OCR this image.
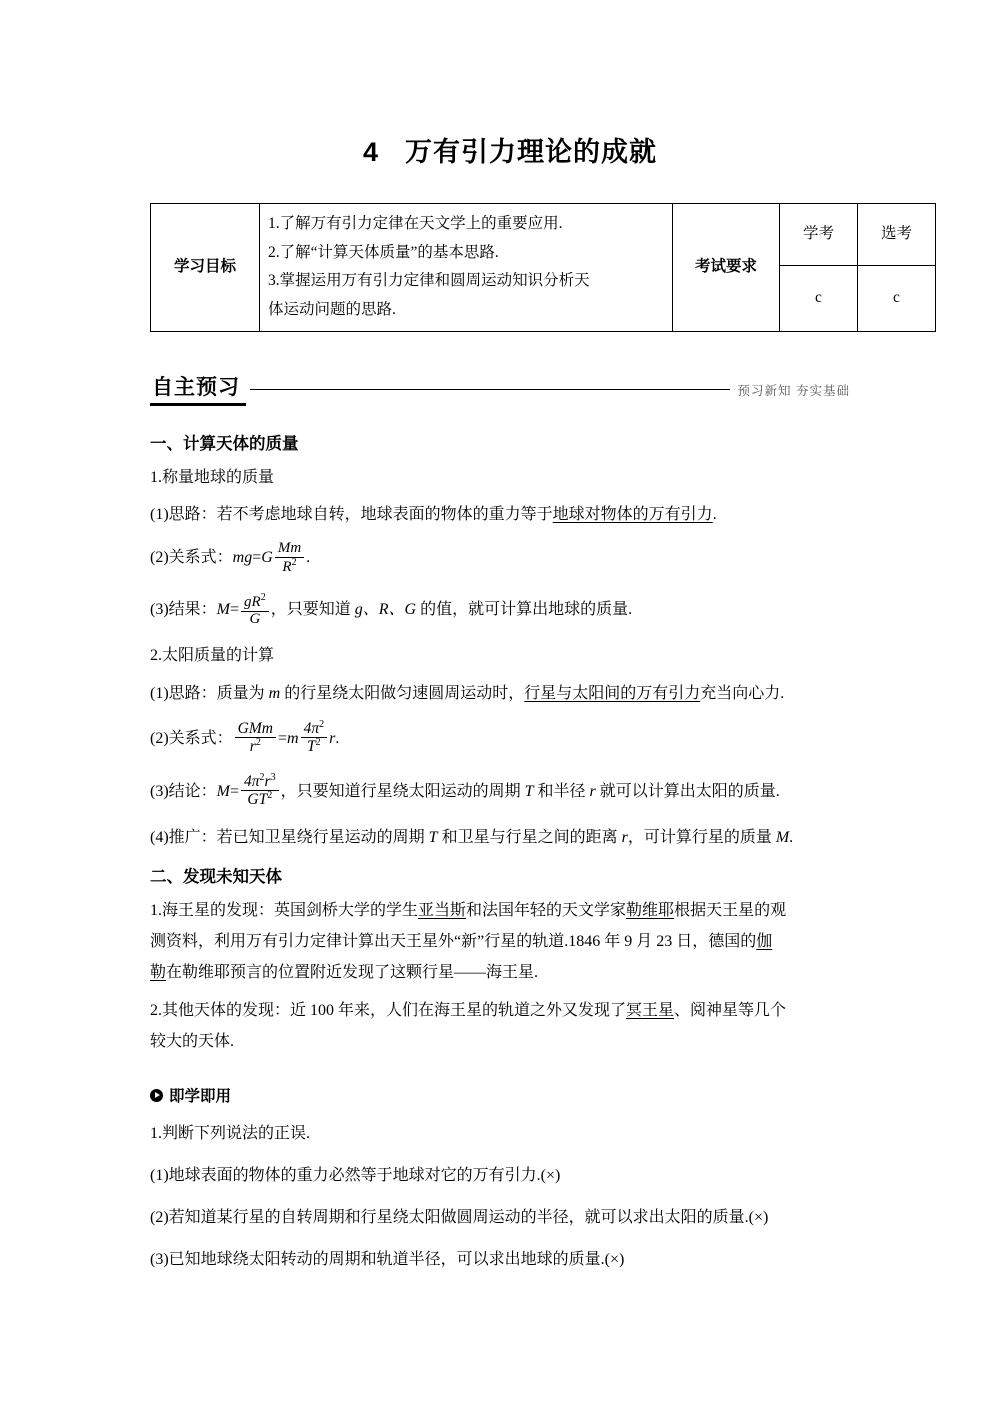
4 万有引力理论的成就
学习目标	1.了解万有引力定律在天文学上的重要应用.
2.了解“计算天体质量”的基本思路.
3.掌握运用万有引力定律和圆周运动知识分析天
体运动问题的思路.	考试要求	学考	选考
			c	c
自主预习	预习新知 夯实基础
一、计算天体的质量

1.称量地球的质量

(1)思路：若不考虑地球自转，地球表面的物体的重力等于地球对物体的万有引力.

(2)关系式：$mg=G \frac{Mm}{R^2}$ .

(3)结果：$M= \frac{gR^2}{G}$ ，只要知道 g、R、G 的值，就可计算出地球的质量.

2.太阳质量的计算

(1)思路：质量为 m 的行星绕太阳做匀速圆周运动时，行星与太阳间的万有引力充当向心力.

(2)关系式： $\frac{\text{GMm}}{r^2} =m \frac{4\pi^2}{T^2} r$.

(3)结论：$M= \frac{4\pi^2r^3}{GT^2}$ ，只要知道行星绕太阳运动的周期 T 和半径 r 就可以计算出太阳的质量.

(4)推广：若已知卫星绕行星运动的周期 T 和卫星与行星之间的距离 r，可计算行星的质量 M.

二、发现未知天体

1.海王星的发现：英国剑桥大学的学生亚当斯和法国年轻的天文学家勒维耶根据天王星的观

测资料，利用万有引力定律计算出天王星外“新”行星的轨道.1846 年 9 月 23 日，德国的伽

勒在勒维耶预言的位置附近发现了这颗行星——海王星.

2.其他天体的发现：近 100 年来，人们在海王星的轨道之外又发现了冥王星、阅神星等几个

较大的天体.

即学即用

1.判断下列说法的正误.

(1)地球表面的物体的重力必然等于地球对它的万有引力.(×)

(2)若知道某行星的自转周期和行星绕太阳做圆周运动的半径，就可以求出太阳的质量.(×)

(3)已知地球绕太阳转动的周期和轨道半径，可以求出地球的质量.(×)
